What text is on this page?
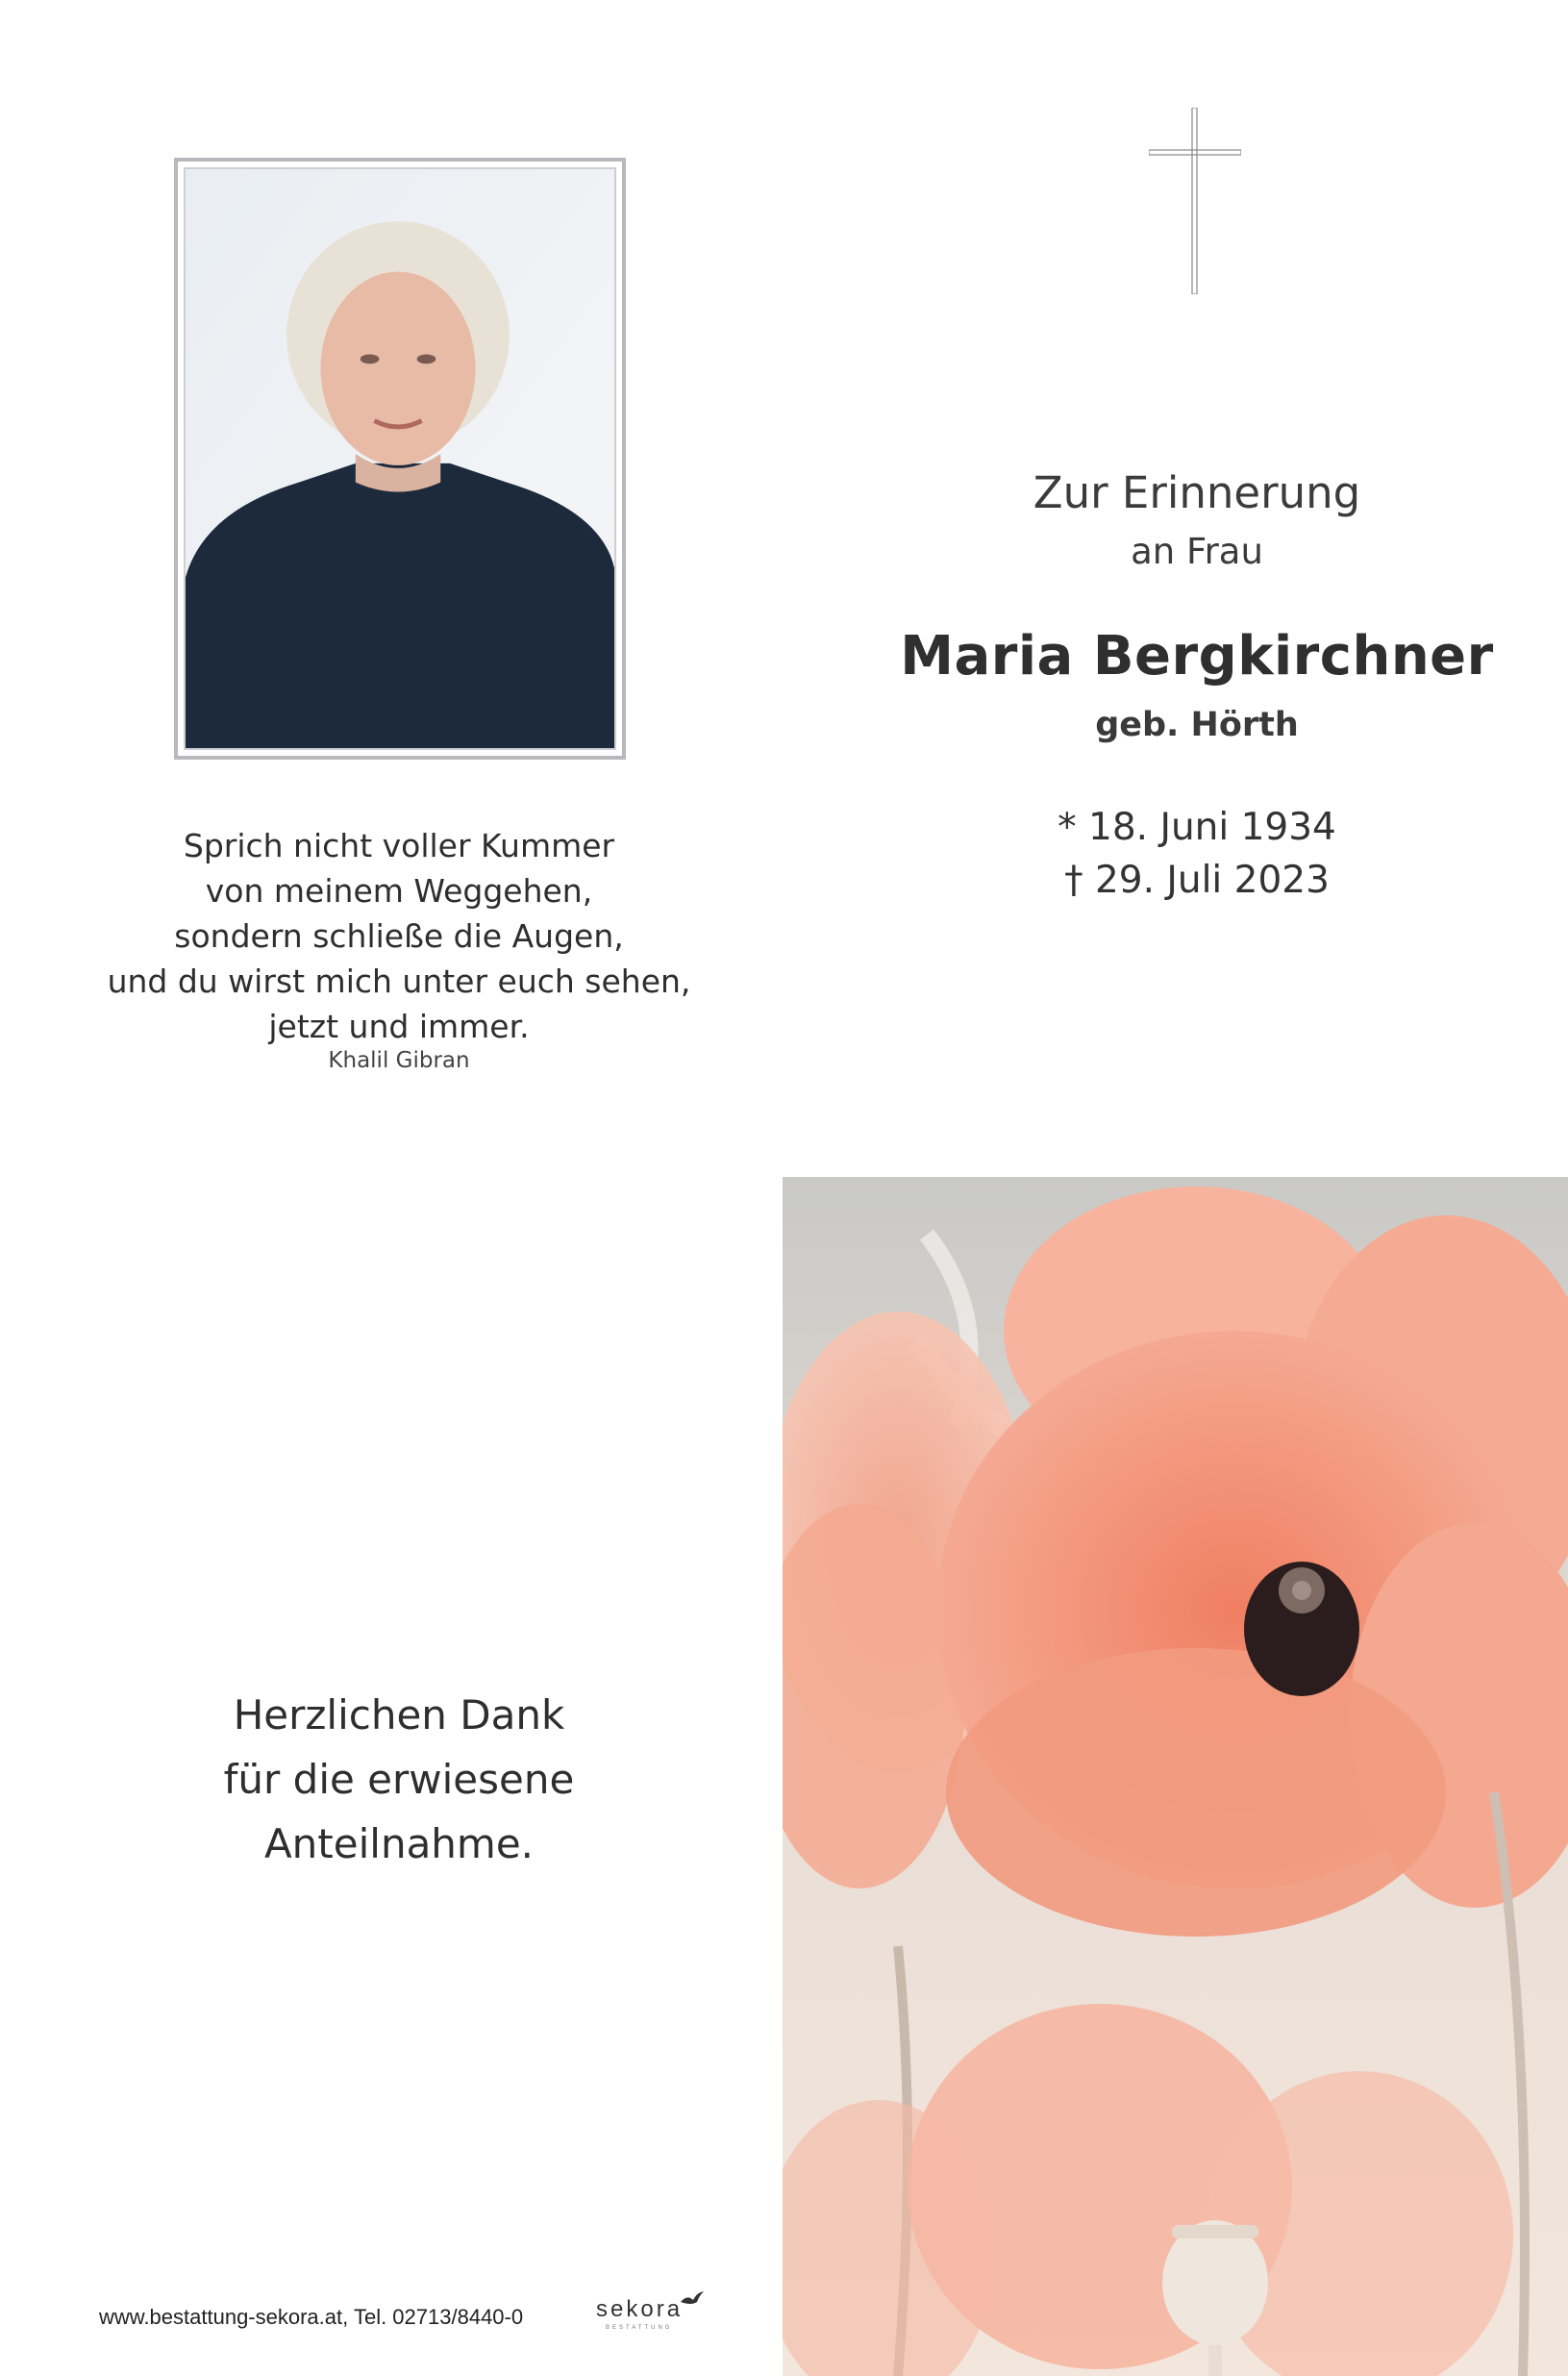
Zur Erinnerung
an Frau
Maria Bergkirchner
geb. Hörth
* 18. Juni 1934
† 29. Juli 2023
Sprich nicht voller Kummer
von meinem Weggehen,
sondern schließe die Augen,
und du wirst mich unter euch sehen,
jetzt und immer.
Khalil Gibran
Herzlichen Dank
für die erwiesene
Anteilnahme.
www.bestattung-sekora.at, Tel. 02713/8440-0	sekora
BESTATTUNG
